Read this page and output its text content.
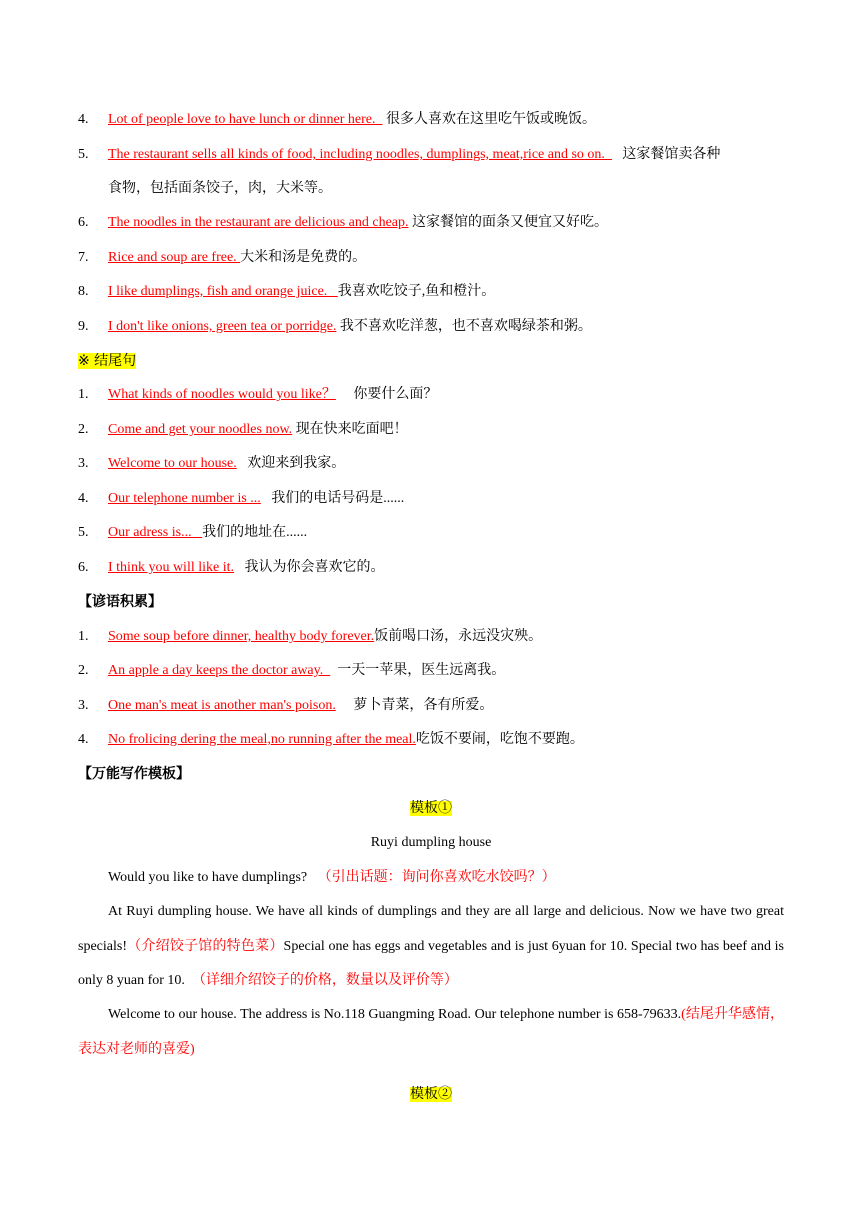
4. Lot of people love to have lunch or dinner here.   很多人喜欢在这里吃午饭或晚饭。
5. The restaurant sells all kinds of food, including noodles, dumplings, meat,rice and so on.     这家餐馆卖各种
食物，包括面条饺子，肉，大米等。
6. The noodles in the restaurant are delicious and cheap. 这家餐馆的面条又便宜又好吃。
7. Rice and soup are free. 大米和汤是免费的。
8. I like dumplings, fish and orange juice.   我喜欢吃饺子,鱼和橙汁。
9. I don't like onions, green tea or porridge. 我不喜欢吃洋葱，也不喜欢喝绿茶和粥。
※ 结尾句
1. What kinds of noodles would you like？     你要什么面？
2. Come and get your noodles now. 现在快来吃面吧！
3. Welcome to our house.   欢迎来到我家。
4. Our telephone number is ...   我们的电话号码是......
5. Our adress is...   我们的地址在......
6. I think you will like it.   我认为你会喜欢它的。
【谚语积累】
1. Some soup before dinner, healthy body forever.饭前喝口汤，永远没灾殃。
2. An apple a day keeps the doctor away.    一天一苹果，医生远离我。
3. One man's meat is another man's poison.     萝卜青菜，各有所爱。
4. No frolicing dering the meal,no running after the meal.吃饭不要闹，吃饱不要跑。
【万能写作模板】
模板①
Ruyi dumpling house
Would you like to have dumplings?   （引出话题：询问你喜欢吃水饺吗？）
At Ruyi dumpling house. We have all kinds of dumplings and they are all large and delicious. Now we have two great specials!（介绍饺子馆的特色菜）Special one has eggs and vegetables and is just 6yuan for 10. Special two has beef and is only 8 yuan for 10.  （详细介绍饺子的价格，数量以及评价等）
Welcome to our house. The address is No.118 Guangming Road. Our telephone number is 658-79633.(结尾升华感情，表达对老师的喜爱)
模板②
